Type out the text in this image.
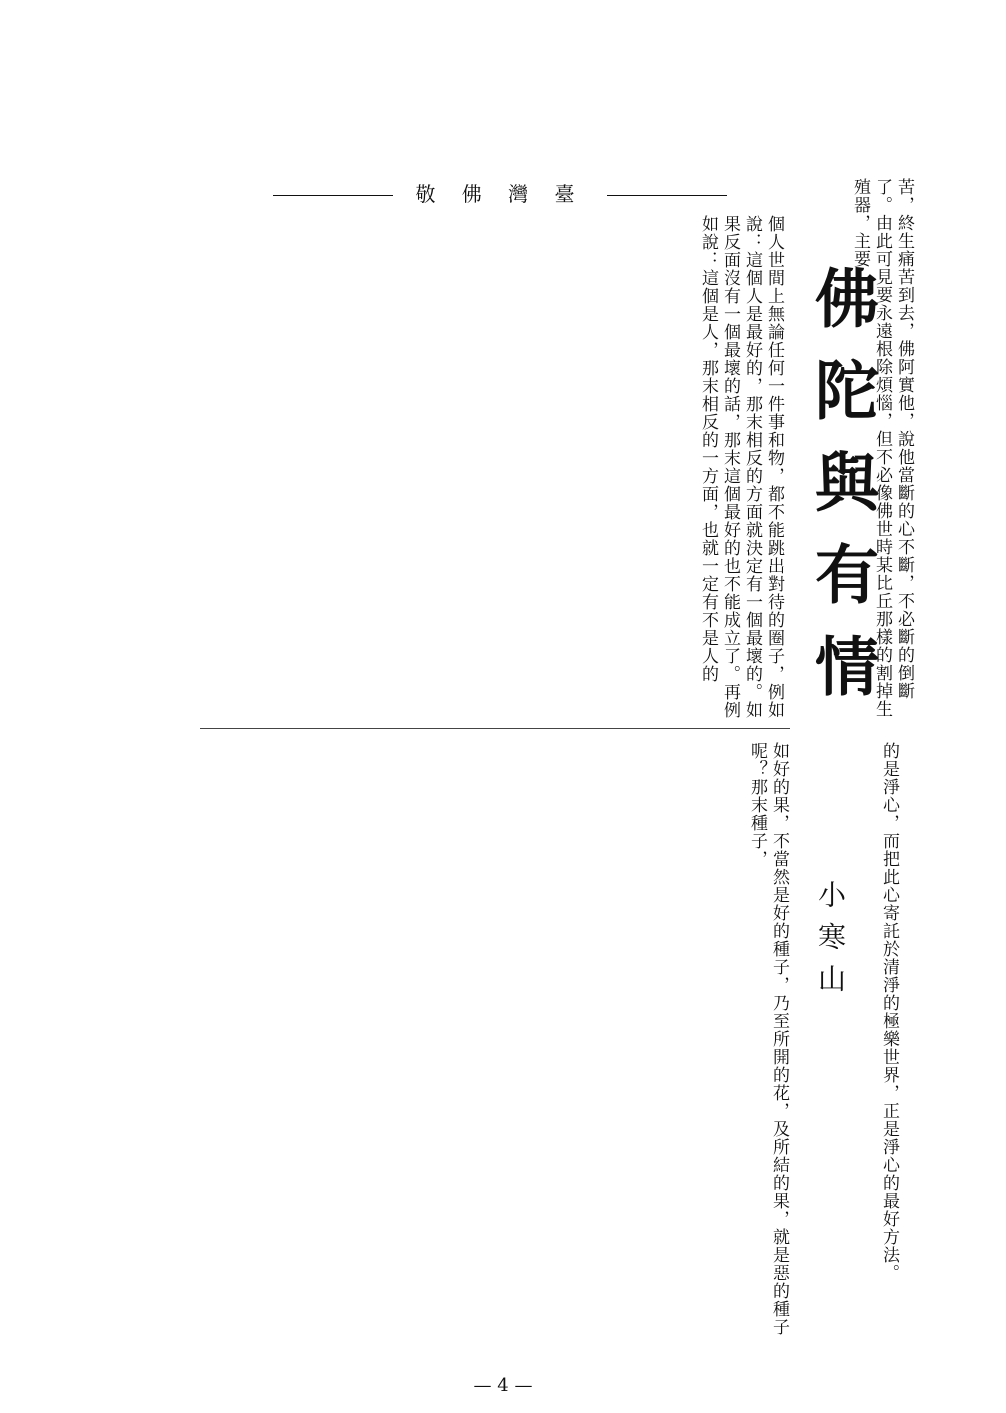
敬 佛 灣 臺	苦，終生痛苦到去，佛阿實他，說他當斷的心不斷，不必斷的倒斷了。由此可見要永遠根除煩惱，但不必像佛世時某比丘那樣的割掉生殖器，主要
佛陀與有情
個人世間上無論任何一件事和物，都不能跳出對待的圈子，例如說：這個人是最好的，那末相反的方面就決定有一個最壞的。如果反面沒有一個最壞的話，那末這個最好的也不能成立了。再例如說：這個是人，那末相反的一方面，也就一定有不是人的
的是淨心，而把此心寄託於清淨的極樂世界，正是淨心的最好方法。
小寒山
如好的果，不當然是好的種子，乃至所開的花，及所結的果，就是惡的種子呢？那末種子，
— 4 —
